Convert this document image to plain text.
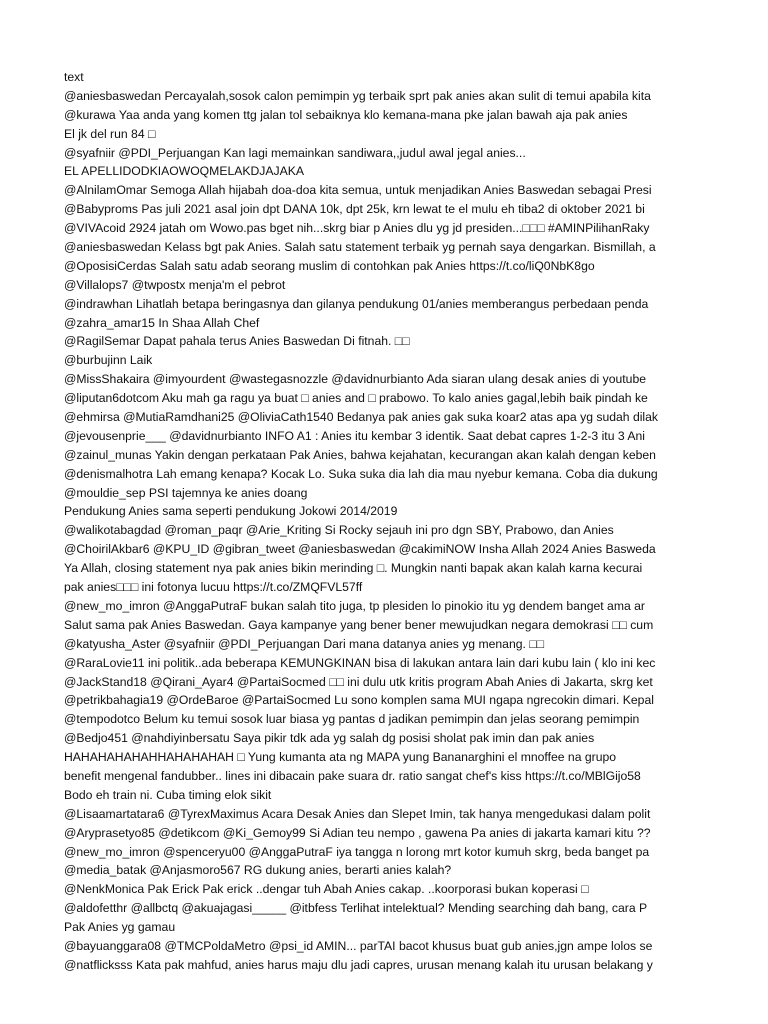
text
@aniesbaswedan Percayalah,sosok calon pemimpin yg terbaik sprt pak anies akan sulit di temui apabila kita
@kurawa Yaa anda yang komen ttg jalan tol sebaiknya klo kemana-mana pke jalan bawah aja pak anies
El jk del run 84 □
@syafniir @PDI_Perjuangan Kan lagi memainkan sandiwara,,judul awal jegal anies...
EL APELLIDODKIAOWOQMELAKDJAJAKA
@AlnilamOmar Semoga Allah hijabah doa-doa kita semua, untuk menjadikan Anies Baswedan sebagai Presi
@Babyproms Pas juli 2021 asal join dpt DANA 10k, dpt 25k, krn lewat te el mulu eh tiba2 di oktober 2021 bi
@VIVAcoid 2924 jatah om Wowo.pas bget nih...skrg biar p Anies dlu yg jd presiden...□□□ #AMINPilihanRaky
@aniesbaswedan Kelass bgt pak Anies. Salah satu statement terbaik yg pernah saya dengarkan. Bismillah, a
@OposisiCerdas Salah satu adab seorang muslim di contohkan pak Anies https://t.co/liQ0NbK8go
@Villalops7 @twpostx menja'm el pebrot
@indrawhan Lihatlah betapa beringasnya dan gilanya pendukung 01/anies memberangus perbedaan penda
@zahra_amar15 In Shaa Allah Chef
@RagilSemar Dapat pahala terus Anies Baswedan Di fitnah. □□
@burbujinn Laik
@MissShakaira @imyourdent @wastegasnozzle @davidnurbianto Ada siaran ulang desak anies di youtube
@liputan6dotcom Aku mah ga ragu ya buat □ anies and □ prabowo. To kalo anies gagal,lebih baik pindah ke
@ehmirsa @MutiaRamdhani25 @OliviaCath1540 Bedanya pak anies gak suka koar2 atas apa yg sudah dilak
@jevousenprie___ @davidnurbianto INFO A1 : Anies itu kembar 3 identik. Saat debat capres 1-2-3 itu 3 Ani
@zainul_munas Yakin dengan perkataan Pak Anies, bahwa kejahatan, kecurangan akan kalah dengan keben
@denismalhotra Lah emang kenapa? Kocak Lo. Suka suka dia lah dia mau nyebur kemana. Coba dia dukung
@mouldie_sep PSI tajemnya ke anies doang
Pendukung Anies sama seperti pendukung Jokowi 2014/2019
@walikotabagdad @roman_paqr @Arie_Kriting Si Rocky sejauh ini pro dgn SBY, Prabowo, dan Anies
@ChoirilAkbar6 @KPU_ID @gibran_tweet @aniesbaswedan @cakimiNOW Insha Allah 2024 Anies Basweda
Ya Allah, closing statement nya pak anies bikin merinding □. Mungkin nanti bapak akan kalah karna kecurai
pak anies□□□ ini fotonya lucuu https://t.co/ZMQFVL57ff
@new_mo_imron @AnggaPutraF bukan salah tito juga, tp plesiden lo pinokio itu yg dendem banget ama ar
Salut sama pak Anies Baswedan. Gaya kampanye yang bener bener mewujudkan negara demokrasi □□ cum
@katyusha_Aster @syafniir @PDI_Perjuangan Dari mana datanya anies yg menang. □□
@RaraLovie11 ini politik..ada beberapa KEMUNGKINAN bisa di lakukan antara lain dari kubu lain ( klo ini kec
@JackStand18 @Qirani_Ayar4 @PartaiSocmed □□ ini dulu utk kritis program Abah Anies di Jakarta, skrg ket
@petrikbahagia19 @OrdeBaroe @PartaiSocmed Lu sono komplen sama MUI ngapa ngrecokin dimari. Kepal
@tempodotco Belum ku temui sosok luar biasa yg pantas d jadikan pemimpin dan jelas seorang pemimpin
@Bedjo451 @nahdiyinbersatu Saya pikir tdk ada yg salah dg posisi sholat pak imin dan pak anies
HAHAHAHAHAHHAHAHAHAH □ Yung kumanta ata ng MAPA yung Bananarghini el mnoffee na grupo
benefit mengenal fandubber.. lines ini dibacain pake suara dr. ratio sangat chef's kiss https://t.co/MBlGijo58
Bodo eh train ni. Cuba timing elok sikit
@Lisaamartatara6 @TyrexMaximus Acara Desak Anies dan Slepet Imin, tak hanya mengedukasi dalam polit
@Aryprasetyo85 @detikcom @Ki_Gemoy99 Si Adian teu nempo , gawena Pa anies di jakarta kamari kitu ??
@new_mo_imron @spenceryu00 @AnggaPutraF iya tangga n lorong mrt kotor kumuh skrg, beda banget pa
@media_batak @Anjasmoro567 RG dukung anies, berarti anies kalah?
@NenkMonica Pak Erick Pak erick ..dengar tuh Abah Anies cakap. ..koorporasi bukan koperasi □
@aldofetthr @allbctq @akuajagasi_____ @itbfess Terlihat intelektual? Mending searching dah bang, cara P
Pak Anies yg gamau
@bayuanggara08 @TMCPoldaMetro @psi_id AMIN... parTAI bacot khusus buat gub anies,jgn ampe lolos se
@natflicksss Kata pak mahfud, anies harus maju dlu jadi capres, urusan menang kalah itu urusan belakang y
